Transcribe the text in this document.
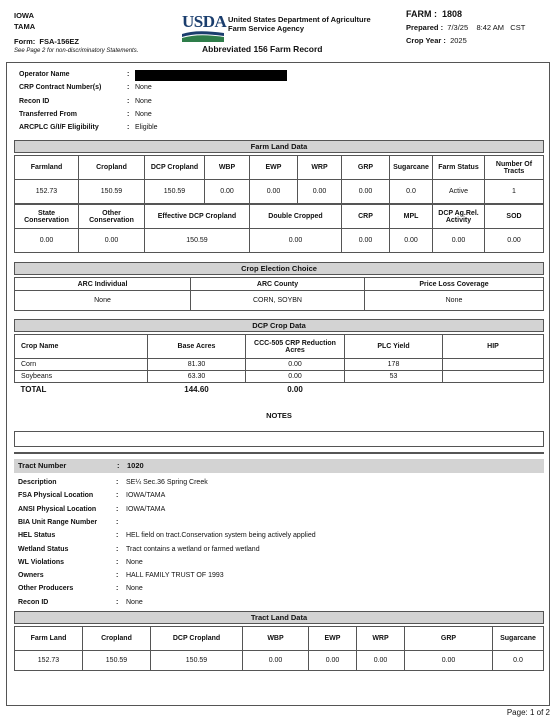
IOWA
TAMA
Form: FSA-156EZ
See Page 2 for non-discriminatory Statements.
USDA United States Department of Agriculture
Farm Service Agency
Abbreviated 156 Farm Record
FARM : 1808
Prepared : 7/3/25 8:42 AM CST
Crop Year : 2025
Operator Name	:
CRP Contract Number(s)	: None
Recon ID	: None
Transferred From	: None
ARCPLC G/I/F Eligibility	: Eligible
Farm Land Data
Farmland	Cropland	DCP Cropland	WBP	EWP	WRP	GRP	Sugarcane	Farm Status	Number Of Tracts
152.73	150.59	150.59	0.00	0.00	0.00	0.00	0.0	Active	1
State Conservation	Other Conservation	Effective DCP Cropland	Double Cropped	CRP	MPL	DCP Ag.Rel. Activity	SOD
0.00	0.00	150.59	0.00	0.00	0.00	0.00	0.00
Crop Election Choice
ARC Individual	ARC County	Price Loss Coverage
None	CORN, SOYBN	None
DCP Crop Data
Crop Name	Base Acres	CCC-505 CRP Reduction Acres	PLC Yield	HIP
Corn	81.30	0.00	178	
Soybeans	63.30	0.00	53	
TOTAL	144.60	0.00		
NOTES
Tract Number	: 1020
Description	: SE¼ Sec.36 Spring Creek
FSA Physical Location	: IOWA/TAMA
ANSI Physical Location	: IOWA/TAMA
BIA Unit Range Number	:
HEL Status	: HEL field on tract.Conservation system being actively applied
Wetland Status	: Tract contains a wetland or farmed wetland
WL Violations	: None
Owners	: HALL FAMILY TRUST OF 1993
Other Producers	: None
Recon ID	: None
Tract Land Data
Farm Land	Cropland	DCP Cropland	WBP	EWP	WRP	GRP	Sugarcane
152.73	150.59	150.59	0.00	0.00	0.00	0.00	0.0
Page: 1 of 2
